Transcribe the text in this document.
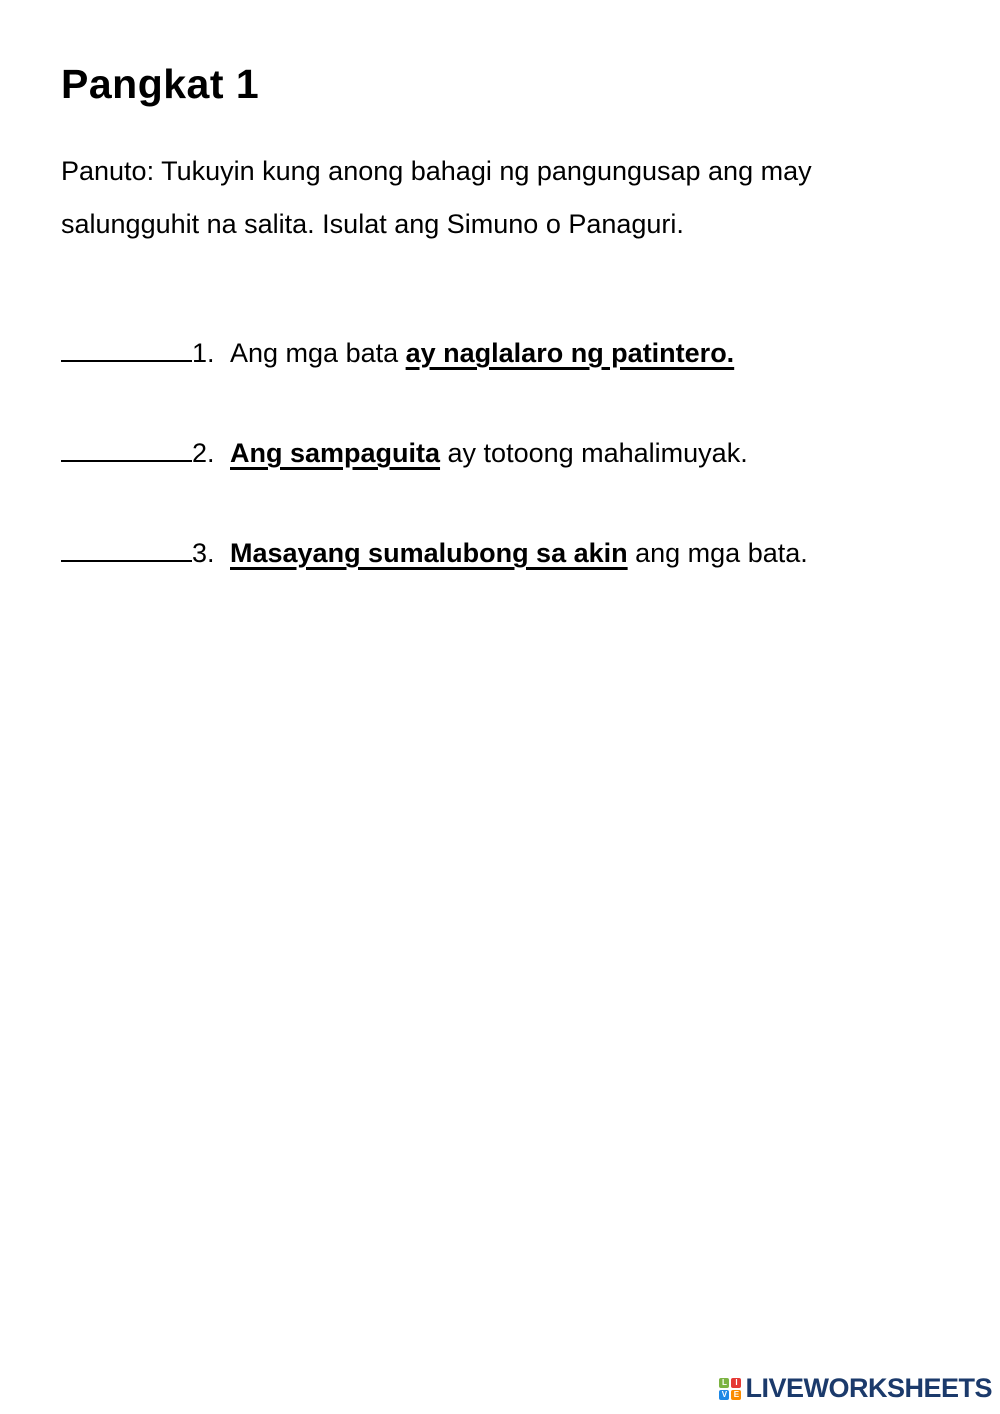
Pangkat 1

Panuto: Tukuyin kung anong bahagi ng pangungusap ang may
salungguhit na salita. Isulat ang Simuno o Panaguri.

1. Ang mga bata ay naglalaro ng patintero.
2. Ang sampaguita ay totoong mahalimuyak.
3. Masayang sumalubong sa akin ang mga bata.
L	I
V E LIVEWORKSHEETS
